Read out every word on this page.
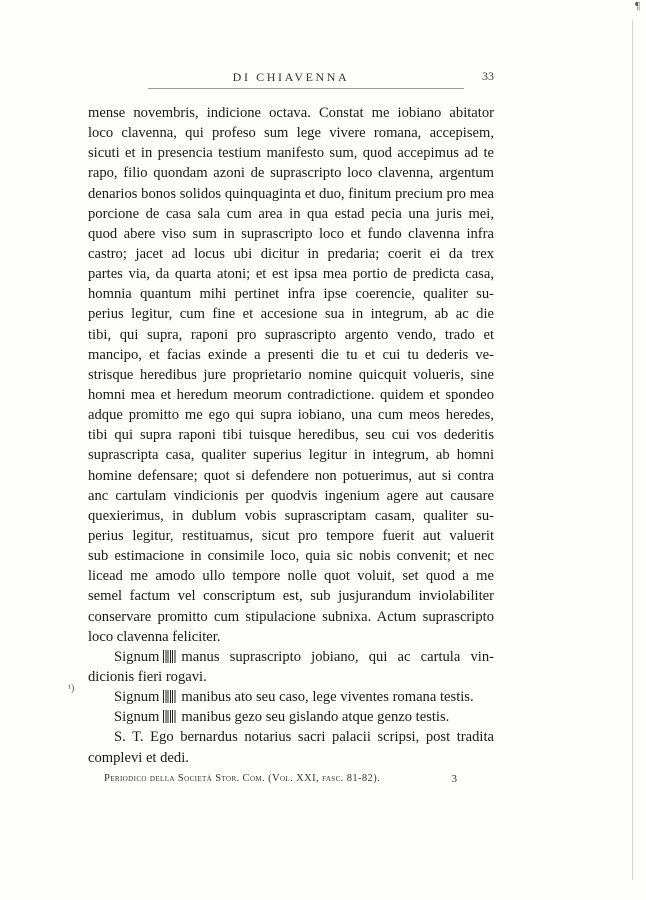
¶
DI CHIAVENNA	33
mense novembris, indicione octava. Constat me iobiano abitator
loco clavenna, qui profeso sum lege vivere romana, accepisem,
sicuti et in presencia testium manifesto sum, quod accepimus ad te
rapo, filio quondam azoni de suprascripto loco clavenna, argentum
denarios bonos solidos quinquaginta et duo, finitum precium pro mea
porcione de casa sala cum area in qua estad pecia una juris mei,
quod abere viso sum in suprascripto loco et fundo clavenna infra
castro; jacet ad locus ubi dicitur in predaria; coerit ei da trex
partes via, da quarta atoni; et est ipsa mea portio de predicta casa,
homnia quantum mihi pertinet infra ipse coerencie, qualiter su-
perius legitur, cum fine et accesione sua in integrum, ab ac die
tibi, qui supra, raponi pro suprascripto argento vendo, trado et
mancipo, et facias exinde a presenti die tu et cui tu dederis ve-
strisque heredibus jure proprietario nomine quicquit volueris, sine
homni mea et heredum meorum contradictione. quidem et spondeo
adque promitto me ego qui supra iobiano, una cum meos heredes,
tibi qui supra raponi tibi tuisque heredibus, seu cui vos dederitis
suprascripta casa, qualiter superius legitur in integrum, ab homni
homine defensare; quot si defendere non potuerimus, aut si contra
anc cartulam vindicionis per quodvis ingenium agere aut causare
quexierimus, in dublum vobis suprascriptam casam, qualiter su-
perius legitur, restituamus, sicut pro tempore fuerit aut valuerit
sub estimacione in consimile loco, quia sic nobis convenit; et nec
licead me amodo ullo tempore nolle quot voluit, set quod a me
semel factum vel conscriptum est, sub jusjurandum inviolabiliter
conservare promitto cum stipulacione subnixa. Actum suprascripto
loco clavenna feliciter.
Signum manus suprascripto jobiano, qui ac cartula vin-
dicionis fieri rogavi.
Signum manibus ato seu caso, lege viventes romana testis.
Signum manibus gezo seu gislando atque genzo testis.
S. T. Ego bernardus notarius sacri palacii scripsi, post tradita
complevi et dedi.
¹)
Periodico della Società Stor. Com. (Vol. XXI, fasc. 81-82).	3
